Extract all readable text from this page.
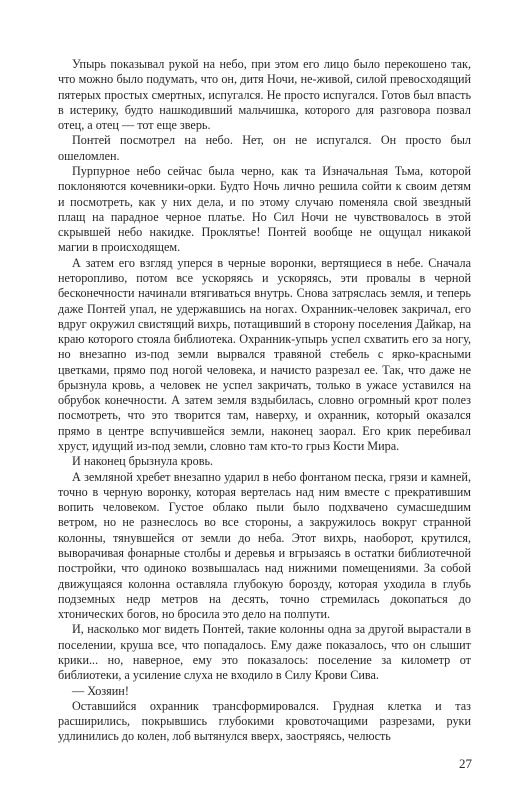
Упырь показывал рукой на небо, при этом его лицо было перекошено так, что можно было подумать, что он, дитя Ночи, не-живой, силой превосходящий пятерых простых смертных, испугался. Не просто испугался. Готов был впасть в истерику, будто нашкодивший мальчишка, которого для разговора позвал отец, а отец — тот еще зверь.

Понтей посмотрел на небо. Нет, он не испугался. Он просто был ошеломлен.

Пурпурное небо сейчас была черно, как та Изначальная Тьма, которой поклоняются кочевники-орки. Будто Ночь лично решила сойти к своим детям и посмотреть, как у них дела, и по этому случаю поменяла свой звездный плащ на парадное черное платье. Но Сил Ночи не чувствовалось в этой скрывшей небо накидке. Проклятье! Понтей вообще не ощущал никакой магии в происходящем.

А затем его взгляд уперся в черные воронки, вертящиеся в небе. Сначала неторопливо, потом все ускоряясь и ускоряясь, эти провалы в черной бесконечности начинали втягиваться внутрь. Снова затряслась земля, и теперь даже Понтей упал, не удержавшись на ногах. Охранник-человек закричал, его вдруг окружил свистящий вихрь, потащивший в сторону поселения Дайкар, на краю которого стояла библиотека. Охранник-упырь успел схватить его за ногу, но внезапно из-под земли вырвался травяной стебель с ярко-красными цветками, прямо под ногой человека, и начисто разрезал ее. Так, что даже не брызнула кровь, а человек не успел закричать, только в ужасе уставился на обрубок конечности. А затем земля вздыбилась, словно огромный крот полез посмотреть, что это творится там, наверху, и охранник, который оказался прямо в центре вспучившейся земли, наконец заорал. Его крик перебивал хруст, идущий из-под земли, словно там кто-то грыз Кости Мира.

И наконец брызнула кровь.

А земляной хребет внезапно ударил в небо фонтаном песка, грязи и камней, точно в черную воронку, которая вертелась над ним вместе с прекратившим вопить человеком. Густое облако пыли было подхвачено сумасшедшим ветром, но не разнеслось во все стороны, а закружилось вокруг странной колонны, тянувшейся от земли до неба. Этот вихрь, наоборот, крутился, выворачивая фонарные столбы и деревья и вгрызаясь в остатки библиотечной постройки, что одиноко возвышалась над нижними помещениями. За собой движущаяся колонна оставляла глубокую борозду, которая уходила в глубь подземных недр метров на десять, точно стремилась докопаться до хтонических богов, но бросила это дело на полпути.

И, насколько мог видеть Понтей, такие колонны одна за другой вырастали в поселении, круша все, что попадалось. Ему даже показалось, что он слышит крики... но, наверное, ему это показалось: поселение за километр от библиотеки, а усиление слуха не входило в Силу Крови Сива.

— Хозяин!

Оставшийся охранник трансформировался. Грудная клетка и таз расширились, покрывшись глубокими кровоточащими разрезами, руки удлинились до колен, лоб вытянулся вверх, заостряясь, челюсть

27
